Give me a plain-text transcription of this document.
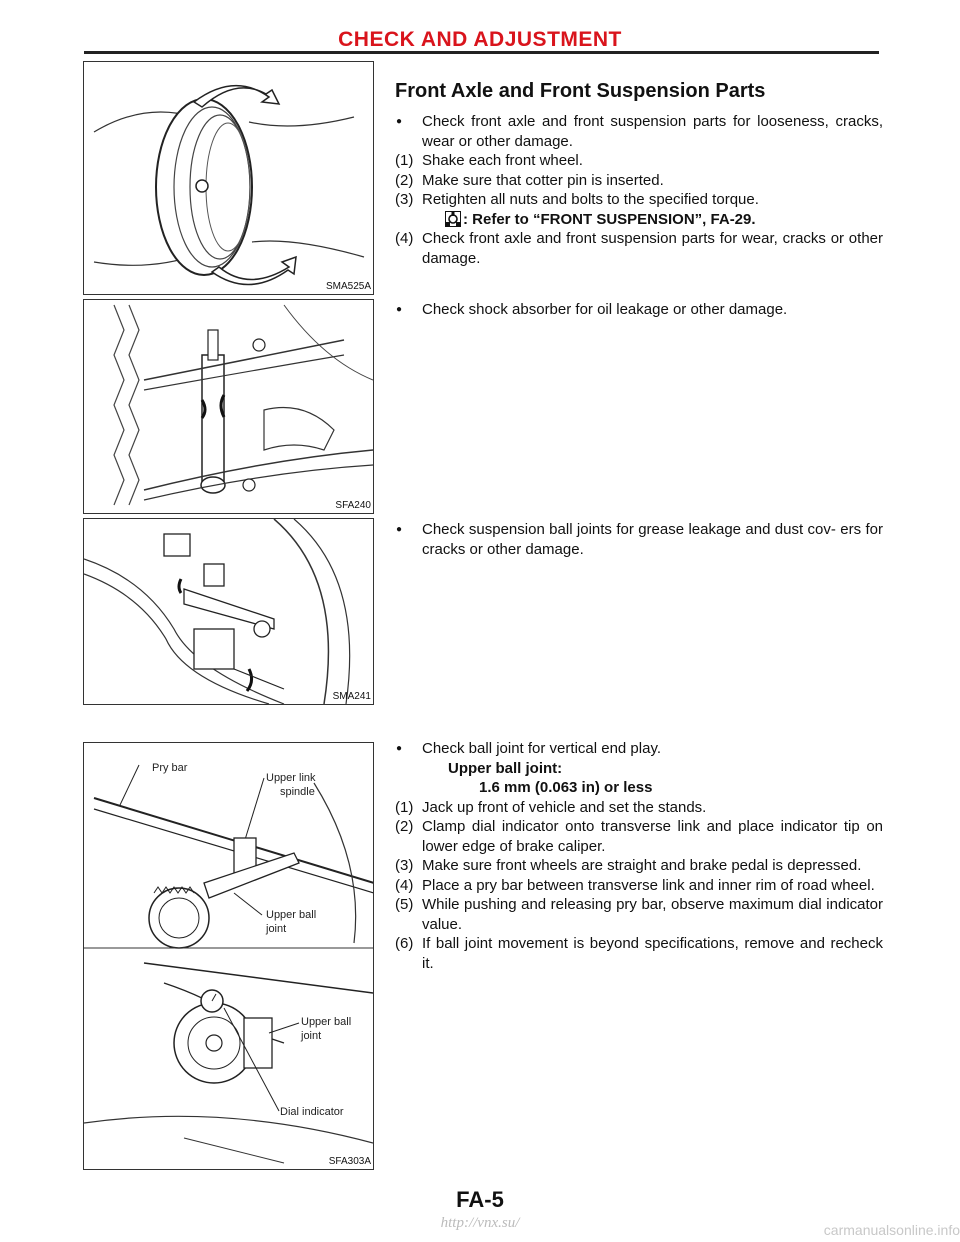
CHECK AND ADJUSTMENT
SMA525A
SFA240
SMA241
Pry bar
Upper link
spindle
Upper ball
joint
Upper ball
joint
Dial indicator
SFA303A
Front Axle and Front Suspension Parts

● Check front axle and front suspension parts for looseness, cracks, wear or other damage.

(1) Shake each front wheel.

(2) Make sure that cotter pin is inserted.

(3) Retighten all nuts and bolts to the specified torque.

: Refer to “FRONT SUSPENSION”, FA-29.

(4) Check front axle and front suspension parts for wear, cracks or other damage.

● Check shock absorber for oil leakage or other damage.

● Check suspension ball joints for grease leakage and dust cov- ers for cracks or other damage.

● Check ball joint for vertical end play.

Upper ball joint:

1.6 mm (0.063 in) or less

(1) Jack up front of vehicle and set the stands.

(2) Clamp dial indicator onto transverse link and place indicator tip on lower edge of brake caliper.

(3) Make sure front wheels are straight and brake pedal is depressed.

(4) Place a pry bar between transverse link and inner rim of road wheel.

(5) While pushing and releasing pry bar, observe maximum dial indicator value.

(6) If ball joint movement is beyond specifications, remove and recheck it.

FA-5
http://vnx.su/	carmanualsonline.info
